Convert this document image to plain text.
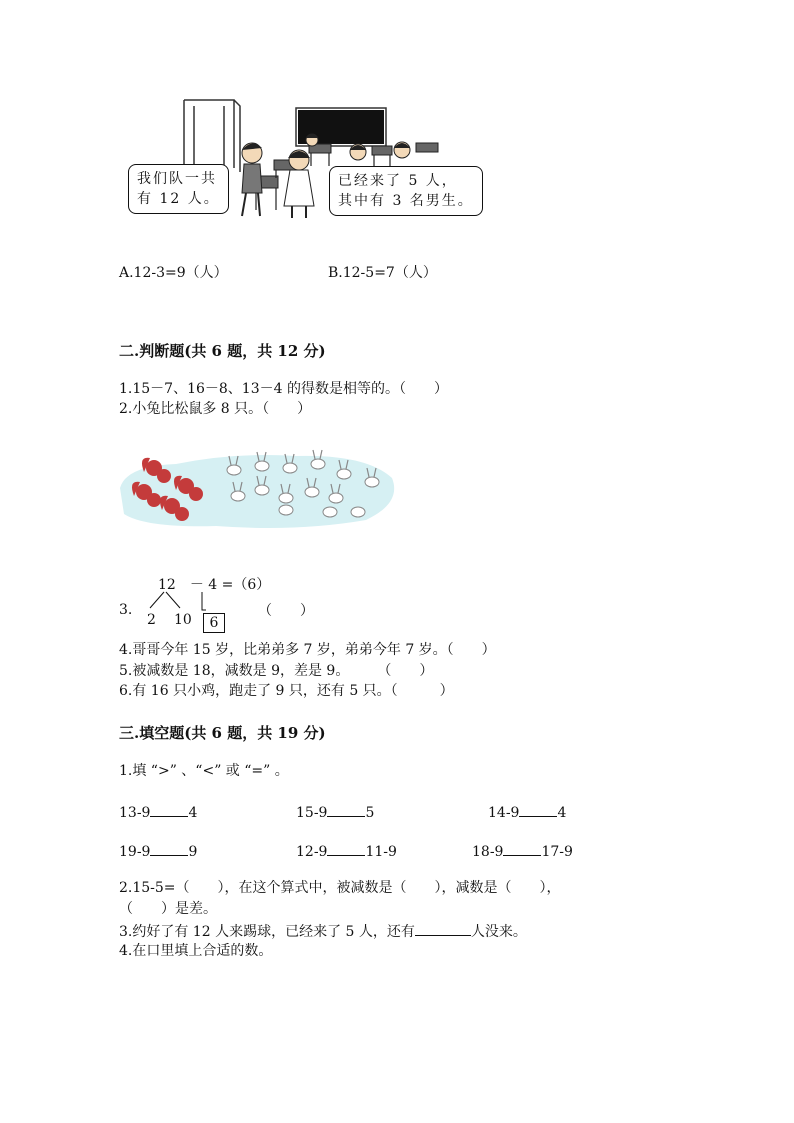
我们队一共
有 12 人。
已经来了 5 人，
其中有 3 名男生。
A.12-3=9（人）	B.12-5=7（人）
二.判断题(共 6 题，共 12 分)
1.15－7、16－8、13－4 的得数是相等的。（　　）
2.小兔比松鼠多 8 只。（　　）
12　－ 4 =（6）
3.
2 10	6
（　　）
4.哥哥今年 15 岁，比弟弟多 7 岁，弟弟今年 7 岁。（　　）
5.被减数是 18，减数是 9，差是 9。　　　（　　）
6.有 16 只小鸡，跑走了 9 只，还有 5 只。（　　　）
三.填空题(共 6 题，共 19 分)
1.填 “>” 、“<” 或 “=” 。
13-9	4	15-9	5	14-9	4
19-9	9	12-9	11-9	18-9	17-9
2.15-5=（　　），在这个算式中，被减数是（　　），减数是（　　），
（　　）是差。
3.约好了有 12 人来踢球，已经来了 5 人，还有	人没来。
4.在口里填上合适的数。
